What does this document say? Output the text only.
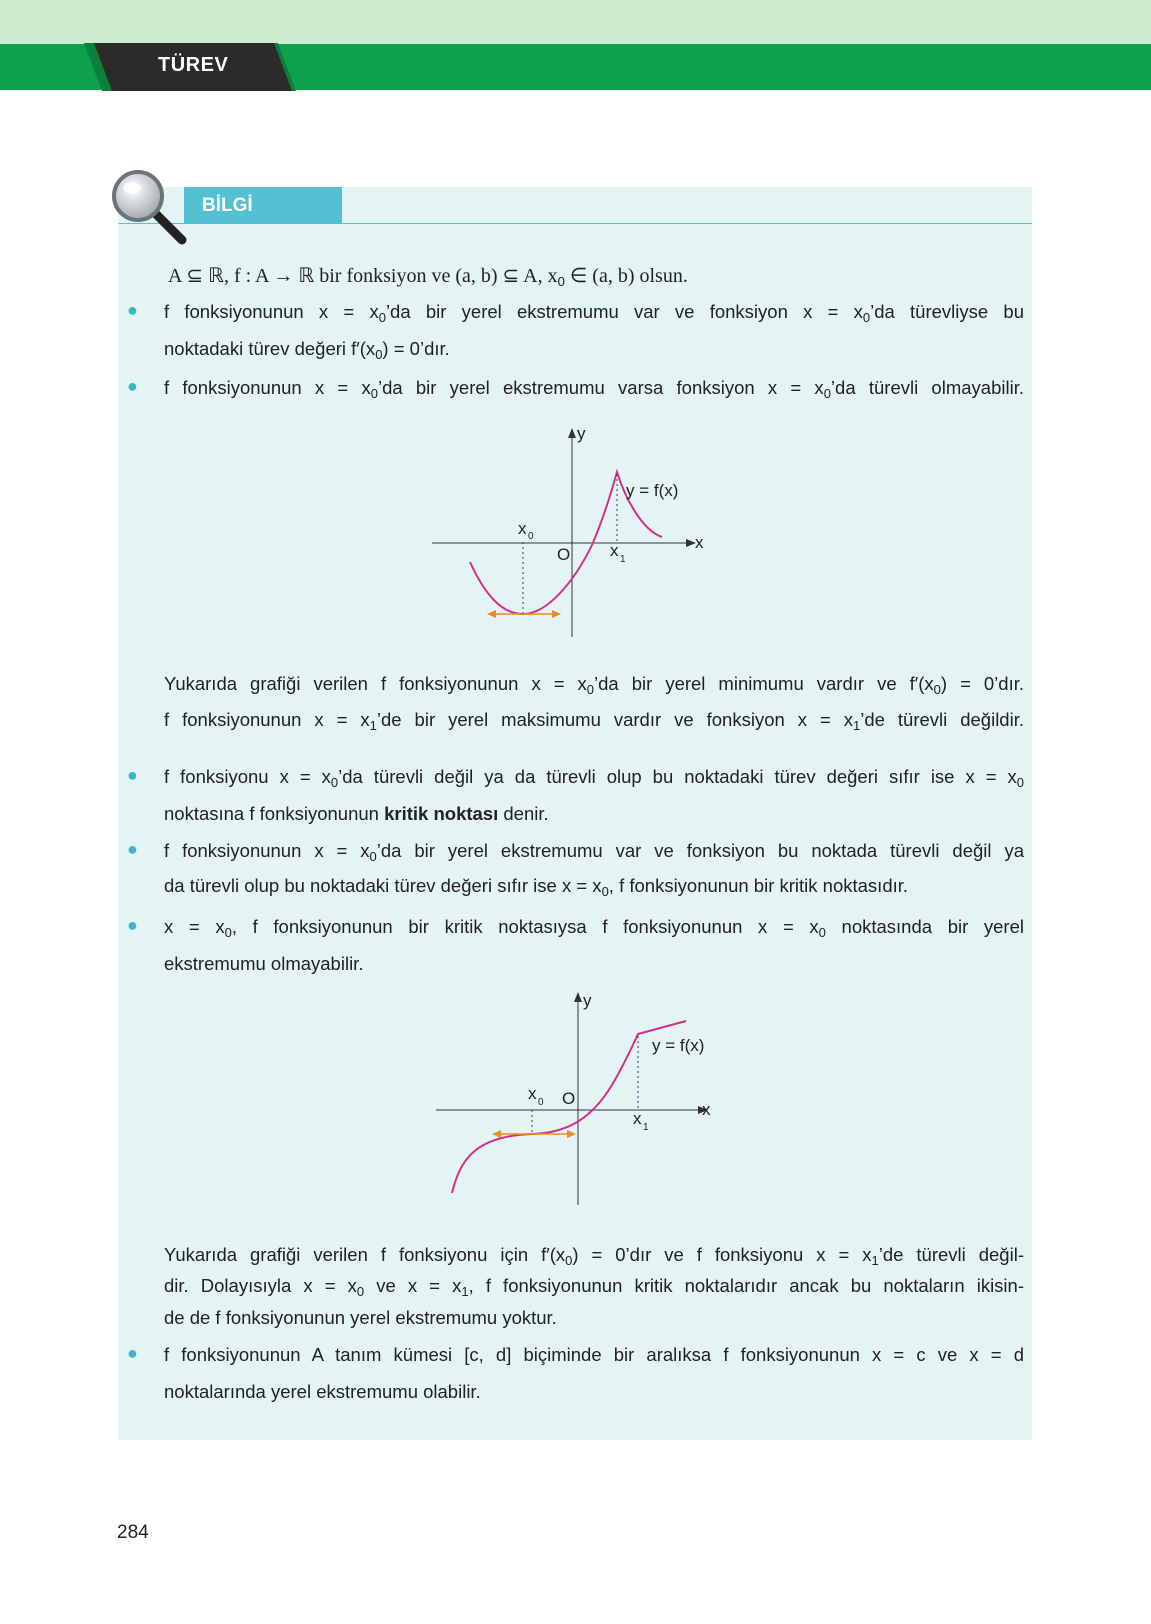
TÜREV
BİLGİ
A ⊆ ℝ, f : A → ℝ bir fonksiyon ve (a, b) ⊆ A, $x_0$ ∈ (a, b) olsun.
● f fonksiyonunun $x = x_0’da$ bir yerel ekstremumu var ve fonksiyon $x = x_0’da$ türevliyse bu
noktadaki türev değeri $f'(x_0)$ = 0’dır.
● f fonksiyonunun $x = x_0’da$ bir yerel ekstremumu varsa fonksiyon $x = x_0’da$ türevli olmayabilir.
y
x
O
x 0
x 1
y = f(x)
Yukarıda grafiği verilen f fonksiyonunun $x = x_0’da$ bir yerel minimumu vardır ve $f'(x_0)$ = 0’dır.
f fonksiyonunun $x = x_1’de$ bir yerel maksimumu vardır ve fonksiyon $x = x_1’de$ türevli değildir.
● f fonksiyonu $x = x_0’da$ türevli değil ya da türevli olup bu noktadaki türev değeri sıfır ise $x = x_0$
noktasına f fonksiyonunun kritik noktası denir.
● f fonksiyonunun $x = x_0’da$ bir yerel ekstremumu var ve fonksiyon bu noktada türevli değil ya
da türevli olup bu noktadaki türev değeri sıfır ise $x = x_0$, f fonksiyonunun bir kritik noktasıdır.
● $x = x_0$, f fonksiyonunun bir kritik noktasıysa f fonksiyonunun $x = x_0$ noktasında bir yerel
ekstremumu olmayabilir.
y
x
O
x 0
x 1
y = f(x)
Yukarıda grafiği verilen f fonksiyonu için $f'(x_0)$ = 0’dır ve f fonksiyonu $x = x_1’de$ türevli değil-
dir. Dolayısıyla $x = x_0$ ve $x = x_1$, f fonksiyonunun kritik noktalarıdır ancak bu noktaların ikisin-
de de f fonksiyonunun yerel ekstremumu yoktur.
● f fonksiyonunun A tanım kümesi [c, d] biçiminde bir aralıksa f fonksiyonunun x = c ve x = d
noktalarında yerel ekstremumu olabilir.
284
